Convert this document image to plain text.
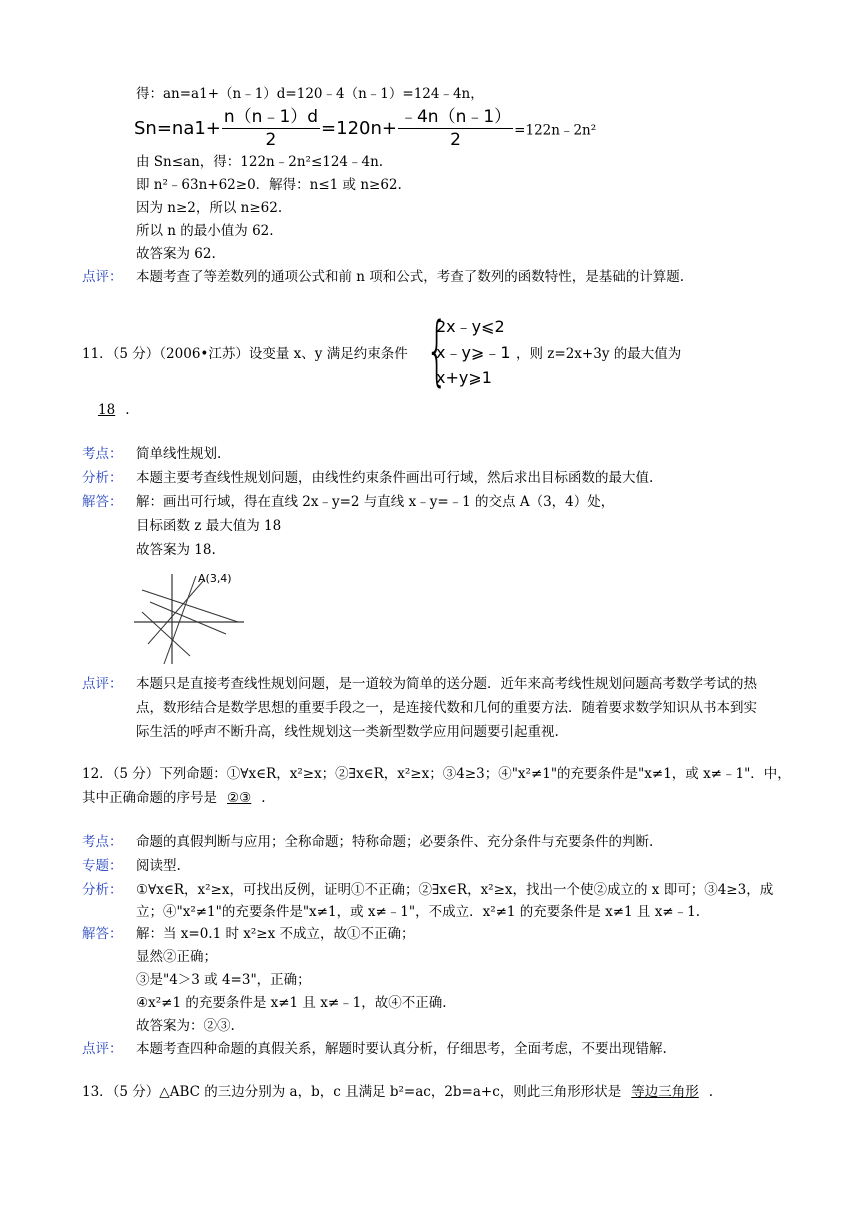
得：an=a1+（n﹣1）d=120﹣4（n﹣1）=124﹣4n，
$Sn=na1+ \frac{n(n﹣1)d}{2} =120n+ \frac{﹣4n(n﹣1)}{2}$ =122n﹣2n²
由 Sn≤an，得：122n﹣2n²≤124﹣4n.
即 n²﹣63n+62≥0．解得：n≤1 或 n≥62.
因为 n≥2，所以 n≥62.
所以 n 的最小值为 62.
故答案为 62.
点评： 本题考查了等差数列的通项公式和前 n 项和公式，考查了数列的函数特性，是基础的计算题.
11．（5 分）（2006•江苏）设变量 x、y 满足约束条件 {
2x﹣y⩽2
x﹣y⩾﹣1
x+y⩾1
，则 z=2x+3y 的最大值为
18 .
考点： 简单线性规划.
分析： 本题主要考查线性规划问题，由线性约束条件画出可行域，然后求出目标函数的最大值.
解答： 解：画出可行域，得在直线 2x﹣y=2 与直线 x﹣y=﹣1 的交点 A（3，4）处，
目标函数 z 最大值为 18
故答案为 18.
A(3,4)
点评： 本题只是直接考查线性规划问题，是一道较为简单的送分题．近年来高考线性规划问题高考数学考试的热
点，数形结合是数学思想的重要手段之一，是连接代数和几何的重要方法．随着要求数学知识从书本到实
际生活的呼声不断升高，线性规划这一类新型数学应用问题要引起重视.
12．（5 分）下列命题：①∀x∈R，x²≥x；②∃x∈R，x²≥x；③4≥3；④"x²≠1"的充要条件是"x≠1，或 x≠﹣1"．中，
其中正确命题的序号是 ②③ .
考点： 命题的真假判断与应用；全称命题；特称命题；必要条件、充分条件与充要条件的判断.
专题： 阅读型.
分析： ①∀x∈R，x²≥x，可找出反例，证明①不正确；②∃x∈R，x²≥x，找出一个使②成立的 x 即可；③4≥3，成
立；④"x²≠1"的充要条件是"x≠1，或 x≠﹣1"，不成立．x²≠1 的充要条件是 x≠1 且 x≠﹣1.
解答： 解：当 x=0.1 时 x²≥x 不成立，故①不正确；
显然②正确；
③是"4＞3 或 4=3"，正确；
④x²≠1 的充要条件是 x≠1 且 x≠﹣1，故④不正确.
故答案为：②③.
点评： 本题考查四种命题的真假关系，解题时要认真分析，仔细思考，全面考虑，不要出现错解.
13．（5 分）△ABC 的三边分别为 a，b，c 且满足 b²=ac，2b=a+c，则此三角形形状是 等边三角形 .
